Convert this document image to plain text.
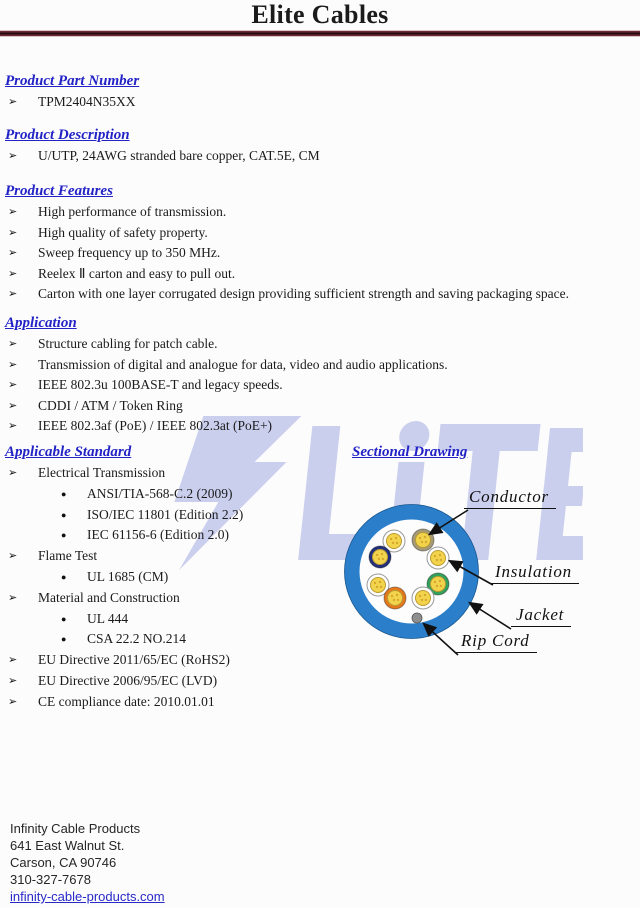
Elite Cables
Product Part Number
➢	TPM2404N35XX
Product Description
➢	U/UTP, 24AWG stranded bare copper, CAT.5E, CM
Product Features
➢	High performance of transmission.
➢	High quality of safety property.
➢	Sweep frequency up to 350 MHz.
➢	Reelex Ⅱ carton and easy to pull out.
➢	Carton with one layer corrugated design providing sufficient strength and saving packaging space.
Application
➢	Structure cabling for patch cable.
➢	Transmission of digital and analogue for data, video and audio applications.
➢	IEEE 802.3u 100BASE-T and legacy speeds.
➢	CDDI / ATM / Token Ring
➢	IEEE 802.3af (PoE) / IEEE 802.3at (PoE+)
Applicable Standard
➢	Electrical Transmission
●	ANSI/TIA-568-C.2 (2009)
●	ISO/IEC 11801 (Edition 2.2)
●	IEC 61156-6 (Edition 2.0)
➢	Flame Test
●	UL 1685 (CM)
➢	Material and Construction
●	UL 444
●	CSA 22.2 NO.214
➢	EU Directive 2011/65/EC (RoHS2)
➢	EU Directive 2006/95/EC (LVD)
➢	CE compliance date: 2010.01.01
Sectional Drawing
Conductor
Insulation
Jacket
Rip Cord
Infinity Cable Products
641 East Walnut St.
Carson, CA 90746
310-327-7678
infinity-cable-products.com
